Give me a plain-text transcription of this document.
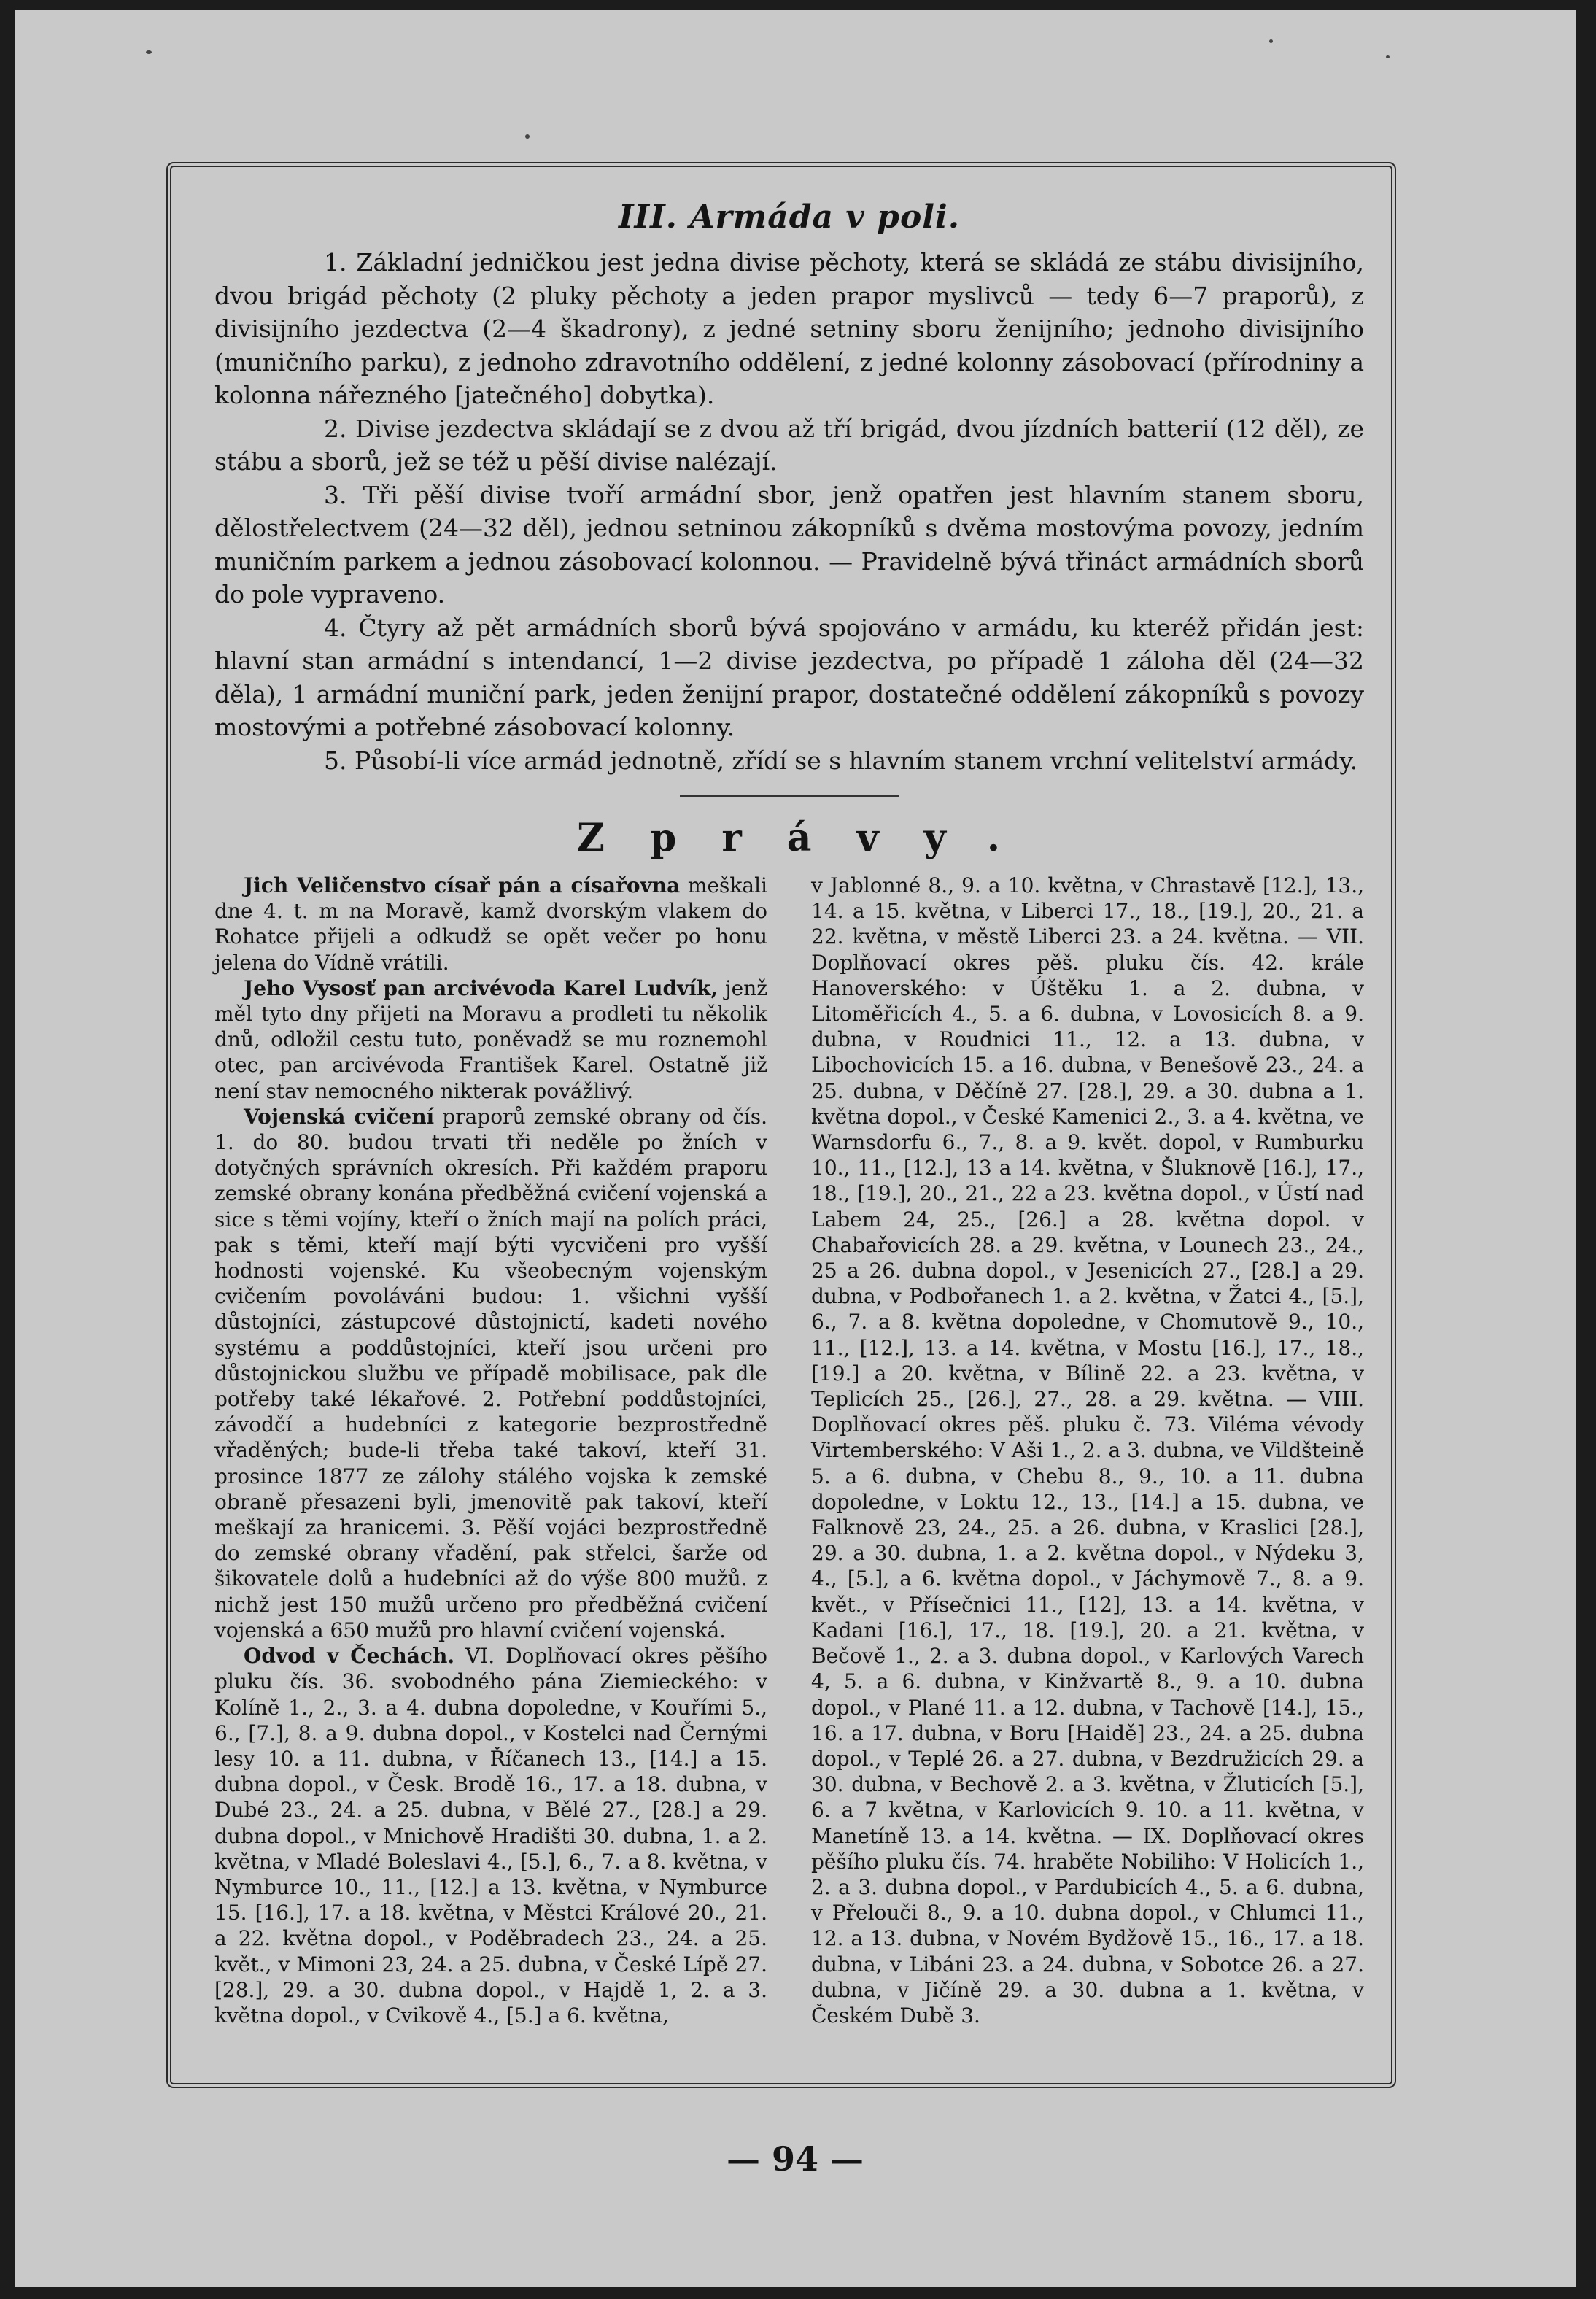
III. Armáda v poli.

1. Základní jedničkou jest jedna divise pěchoty, která se skládá ze stábu divisijního, dvou brigád pěchoty (2 pluky pěchoty a jeden prapor myslivců — tedy 6—7 praporů), z divisijního jezdectva (2—4 škadrony), z jedné setniny sboru ženijního; jednoho divisijního (muničního parku), z jednoho zdravotního oddělení, z jedné kolonny zásobovací (přírodniny a kolonna nářezného [jatečného] dobytka).

2. Divise jezdectva skládají se z dvou až tří brigád, dvou jízdních batterií (12 děl), ze stábu a sborů, jež se též u pěší divise nalézají.

3. Tři pěší divise tvoří armádní sbor, jenž opatřen jest hlavním stanem sboru, dělostřelectvem (24—32 děl), jednou setninou zákopníků s dvěma mostovýma povozy, jedním muničním parkem a jednou zásobovací kolonnou. — Pravidelně bývá třináct armádních sborů do pole vypraveno.

4. Čtyry až pět armádních sborů bývá spojováno v armádu, ku kteréž přidán jest: hlavní stan armádní s intendancí, 1—2 divise jezdectva, po případě 1 záloha děl (24—32 děla), 1 armádní muniční park, jeden ženijní prapor, dostatečné oddělení zákopníků s povozy mostovými a potřebné zásobovací kolonny.

5. Působí-li více armád jednotně, zřídí se s hlavním stanem vrchní velitelství armády.

Zprávy.

Jich Veličenstvo císař pán a císařovna meškali dne 4. t. m na Moravě, kamž dvorským vlakem do Rohatce přijeli a odkudž se opět večer po honu jelena do Vídně vrátili.

Jeho Vysosť pan arcivévoda Karel Ludvík, jenž měl tyto dny přijeti na Moravu a prodleti tu několik dnů, odložil cestu tuto, poněvadž se mu roznemohl otec, pan arcivévoda František Karel. Ostatně již není stav nemocného nikterak povážlivý.

Vojenská cvičení praporů zemské obrany od čís. 1. do 80. budou trvati tři neděle po žních v dotyčných správních okresích. Při každém praporu zemské obrany konána předběžná cvičení vojenská a sice s těmi vojíny, kteří o žních mají na polích práci, pak s těmi, kteří mají býti vycvičeni pro vyšší hodnosti vojenské. Ku všeobecným vojenským cvičením povoláváni budou: 1. všichni vyšší důstojníci, zástupcové důstojnictí, kadeti nového systému a poddůstojníci, kteří jsou určeni pro důstojnickou službu ve případě mobilisace, pak dle potřeby také lékařové. 2. Potřební poddůstojníci, závodčí a hudebníci z kategorie bezprostředně vřaděných; bude-li třeba také takoví, kteří 31. prosince 1877 ze zálohy stálého vojska k zemské obraně přesazeni byli, jmenovitě pak takoví, kteří meškají za hranicemi. 3. Pěší vojáci bezprostředně do zemské obrany vřadění, pak střelci, šarže od šikovatele dolů a hudebníci až do výše 800 mužů. z nichž jest 150 mužů určeno pro předběžná cvičení vojenská a 650 mužů pro hlavní cvičení vojenská.

Odvod v Čechách. VI. Doplňovací okres pěšího pluku čís. 36. svobodného pána Ziemieckého: v Kolíně 1., 2., 3. a 4. dubna dopoledne, v Kouřími 5., 6., [7.], 8. a 9. dubna dopol., v Kostelci nad Černými lesy 10. a 11. dubna, v Říčanech 13., [14.] a 15. dubna dopol., v Česk. Brodě 16., 17. a 18. dubna, v Dubé 23., 24. a 25. dubna, v Bělé 27., [28.] a 29. dubna dopol., v Mnichově Hradišti 30. dubna, 1. a 2. května, v Mladé Boleslavi 4., [5.], 6., 7. a 8. května, v Nymburce 10., 11., [12.] a 13. května, v Nymburce 15. [16.], 17. a 18. května, v Městci Králové 20., 21. a 22. května dopol., v Poděbradech 23., 24. a 25. květ., v Mimoni 23, 24. a 25. dubna, v České Lípě 27. [28.], 29. a 30. dubna dopol., v Hajdě 1, 2. a 3. května dopol., v Cvikově 4., [5.] a 6. května,

v Jablonné 8., 9. a 10. května, v Chrastavě [12.], 13., 14. a 15. května, v Liberci 17., 18., [19.], 20., 21. a 22. května, v městě Liberci 23. a 24. května. — VII. Doplňovací okres pěš. pluku čís. 42. krále Hanoverského: v Úštěku 1. a 2. dubna, v Litoměřicích 4., 5. a 6. dubna, v Lovosicích 8. a 9. dubna, v Roudnici 11., 12. a 13. dubna, v Libochovicích 15. a 16. dubna, v Benešově 23., 24. a 25. dubna, v Děčíně 27. [28.], 29. a 30. dubna a 1. května dopol., v České Kamenici 2., 3. a 4. května, ve Warnsdorfu 6., 7., 8. a 9. květ. dopol, v Rumburku 10., 11., [12.], 13 a 14. května, v Šluknově [16.], 17., 18., [19.], 20., 21., 22 a 23. května dopol., v Ústí nad Labem 24, 25., [26.] a 28. května dopol. v Chabařovicích 28. a 29. května, v Lounech 23., 24., 25 a 26. dubna dopol., v Jesenicích 27., [28.] a 29. dubna, v Podbořanech 1. a 2. května, v Žatci 4., [5.], 6., 7. a 8. května dopoledne, v Chomutově 9., 10., 11., [12.], 13. a 14. května, v Mostu [16.], 17., 18., [19.] a 20. května, v Bílině 22. a 23. května, v Teplicích 25., [26.], 27., 28. a 29. května. — VIII. Doplňovací okres pěš. pluku č. 73. Viléma vévody Virtemberského: V Aši 1., 2. a 3. dubna, ve Vildšteině 5. a 6. dubna, v Chebu 8., 9., 10. a 11. dubna dopoledne, v Loktu 12., 13., [14.] a 15. dubna, ve Falknově 23, 24., 25. a 26. dubna, v Kraslici [28.], 29. a 30. dubna, 1. a 2. května dopol., v Nýdeku 3, 4., [5.], a 6. května dopol., v Jáchymově 7., 8. a 9. květ., v Přísečnici 11., [12], 13. a 14. května, v Kadani [16.], 17., 18. [19.], 20. a 21. května, v Bečově 1., 2. a 3. dubna dopol., v Karlových Varech 4, 5. a 6. dubna, v Kinžvartě 8., 9. a 10. dubna dopol., v Plané 11. a 12. dubna, v Tachově [14.], 15., 16. a 17. dubna, v Boru [Haidě] 23., 24. a 25. dubna dopol., v Teplé 26. a 27. dubna, v Bezdružicích 29. a 30. dubna, v Bechově 2. a 3. května, v Žluticích [5.], 6. a 7 května, v Karlovicích 9. 10. a 11. května, v Manetíně 13. a 14. května. — IX. Doplňovací okres pěšího pluku čís. 74. hraběte Nobiliho: V Holicích 1., 2. a 3. dubna dopol., v Pardubicích 4., 5. a 6. dubna, v Přelouči 8., 9. a 10. dubna dopol., v Chlumci 11., 12. a 13. dubna, v Novém Bydžově 15., 16., 17. a 18. dubna, v Libáni 23. a 24. dubna, v Sobotce 26. a 27. dubna, v Jičíně 29. a 30. dubna a 1. května, v Českém Dubě 3.

— 94 —
